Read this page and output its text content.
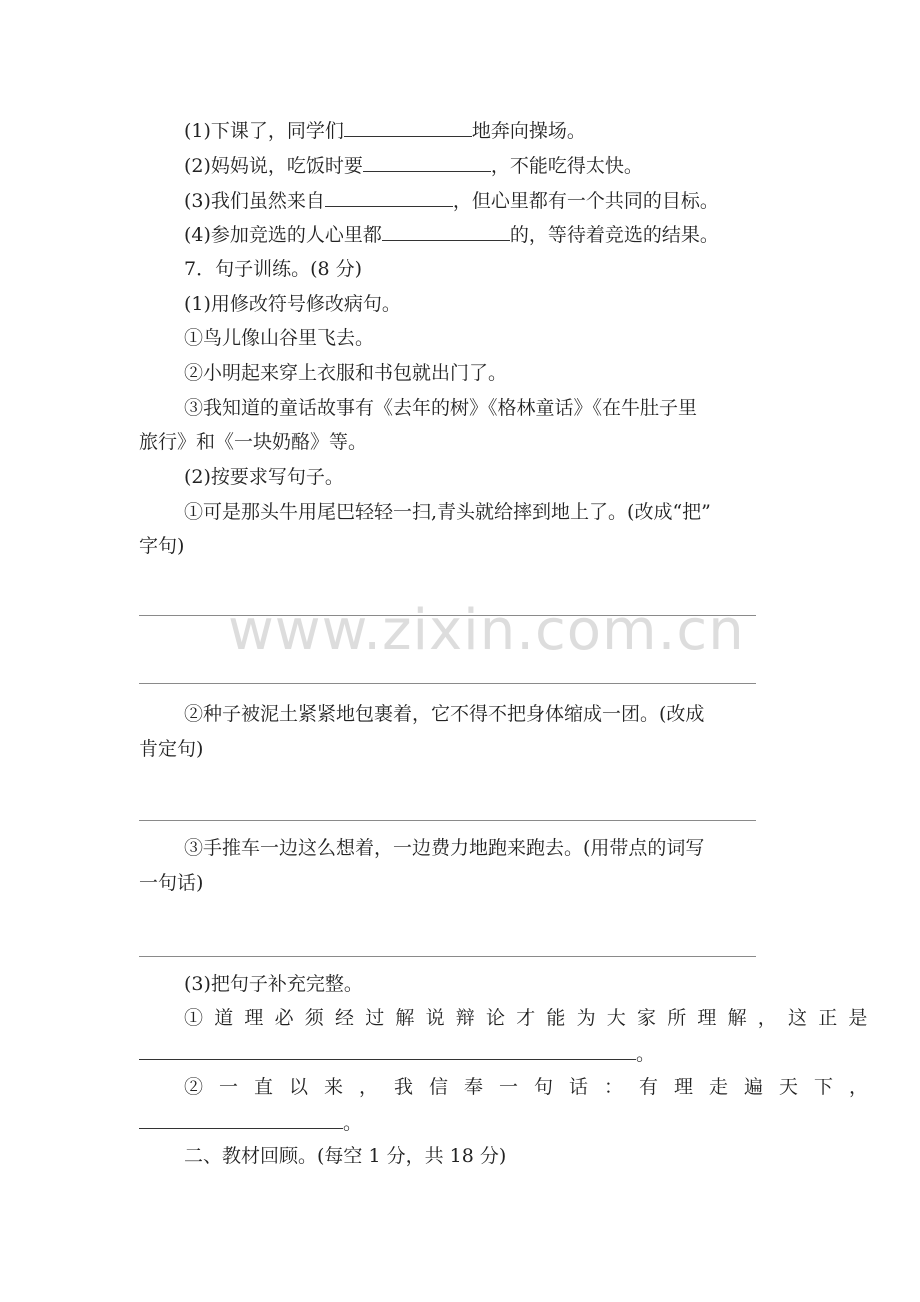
www.zixin.com.cn
(1)下课了，同学们	地奔向操场。
(2)妈妈说，吃饭时要	，不能吃得太快。
(3)我们虽然来自	，但心里都有一个共同的目标。
(4)参加竞选的人心里都	的，等待着竞选的结果。
7．句子训练。(8 分)
(1)用修改符号修改病句。
①鸟儿像山谷里飞去。
②小明起来穿上衣服和书包就出门了。
③我知道的童话故事有《去年的树》《格林童话》《在牛肚子里
旅行》和《一块奶酪》等。
(2)按要求写句子。
①可是那头牛用尾巴轻轻一扫,青头就给摔到地上了。(改成“把”
字句)
②种子被泥土紧紧地包裹着，它不得不把身体缩成一团。(改成
肯定句)
③手推车一边这么想着，一边费力地跑来跑去。(用带点的词写
一句话)
(3)把句子补充完整。
①道理必须经过解说辩论才能为大家所理解，这正是
。
②一直以来，我信奉一句话：有理走遍天下，
。
二、教材回顾。(每空 1 分，共 18 分)
